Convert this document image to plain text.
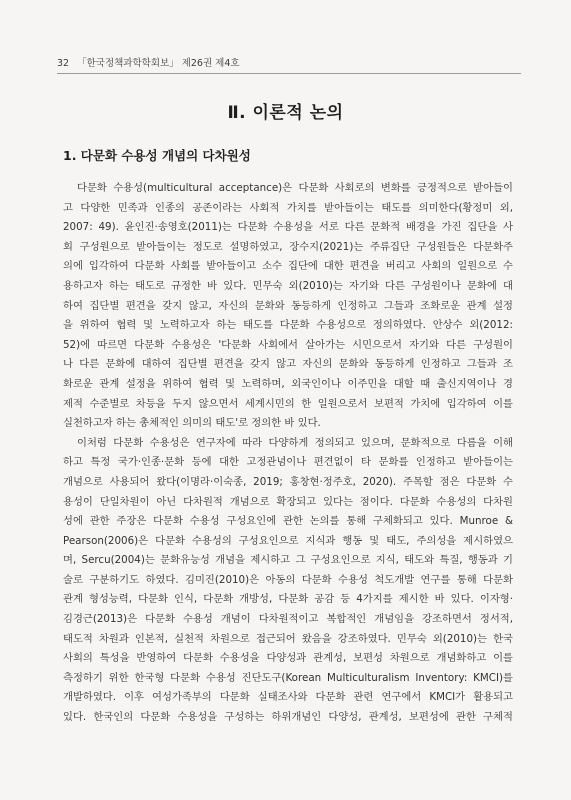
32 「한국정책과학학회보」 제26권 제4호
Ⅱ. 이론적 논의
1. 다문화 수용성 개념의 다차원성

다문화 수용성(multicultural acceptance)은 다문화 사회로의 변화를 긍정적으로 받아들이
고 다양한 민족과 인종의 공존이라는 사회적 가치를 받아들이는 태도를 의미한다(황정미 외,
2007: 49). 윤인진·송영호(2011)는 다문화 수용성을 서로 다른 문화적 배경을 가진 집단을 사
회 구성원으로 받아들이는 정도로 설명하였고, 장수지(2021)는 주류집단 구성원들은 다문화주
의에 입각하여 다문화 사회를 받아들이고 소수 집단에 대한 편견을 버리고 사회의 일원으로 수
용하고자 하는 태도로 규정한 바 있다. 민무숙 외(2010)는 자기와 다른 구성원이나 문화에 대
하여 집단별 편견을 갖지 않고, 자신의 문화와 동등하게 인정하고 그들과 조화로운 관계 설정
을 위하여 협력 및 노력하고자 하는 태도를 다문화 수용성으로 정의하였다. 안상수 외(2012:
52)에 따르면 다문화 수용성은 '다문화 사회에서 살아가는 시민으로서 자기와 다른 구성원이
나 다른 문화에 대하여 집단별 편견을 갖지 않고 자신의 문화와 동등하게 인정하고 그들과 조
화로운 관계 설정을 위하여 협력 및 노력하며, 외국인이나 이주민을 대할 때 출신지역이나 경
제적 수준별로 차등을 두지 않으면서 세계시민의 한 일원으로서 보편적 가치에 입각하여 이를
실천하고자 하는 총체적인 의미의 태도'로 정의한 바 있다.

이처럼 다문화 수용성은 연구자에 따라 다양하게 정의되고 있으며, 문화적으로 다름을 이해
하고 특정 국가·인종·문화 등에 대한 고정관념이나 편견없이 타 문화를 인정하고 받아들이는
개념으로 사용되어 왔다(이명라·이숙종, 2019; 홍창현·정주호, 2020). 주목할 점은 다문화 수
용성이 단일차원이 아닌 다차원적 개념으로 확장되고 있다는 점이다. 다문화 수용성의 다차원
성에 관한 주장은 다문화 수용성 구성요인에 관한 논의를 통해 구체화되고 있다. Munroe &
Pearson(2006)은 다문화 수용성의 구성요인으로 지식과 행동 및 태도, 주의성을 제시하였으
며, Sercu(2004)는 문화유능성 개념을 제시하고 그 구성요인으로 지식, 태도와 특질, 행동과 기
술로 구분하기도 하였다. 김미진(2010)은 아동의 다문화 수용성 척도개발 연구를 통해 다문화
관계 형성능력, 다문화 인식, 다문화 개방성, 다문화 공감 등 4가지를 제시한 바 있다. 이자형·
김경근(2013)은 다문화 수용성 개념이 다차원적이고 복합적인 개념임을 강조하면서 정서적,
태도적 차원과 인본적, 실천적 차원으로 접근되어 왔음을 강조하였다. 민무숙 외(2010)는 한국
사회의 특성을 반영하여 다문화 수용성을 다양성과 관계성, 보편성 차원으로 개념화하고 이를
측정하기 위한 한국형 다문화 수용성 진단도구(Korean Multiculturalism Inventory: KMCI)를
개발하였다. 이후 여성가족부의 다문화 실태조사와 다문화 관련 연구에서 KMCI가 활용되고
있다. 한국인의 다문화 수용성을 구성하는 하위개념인 다양성, 관계성, 보편성에 관한 구체적
